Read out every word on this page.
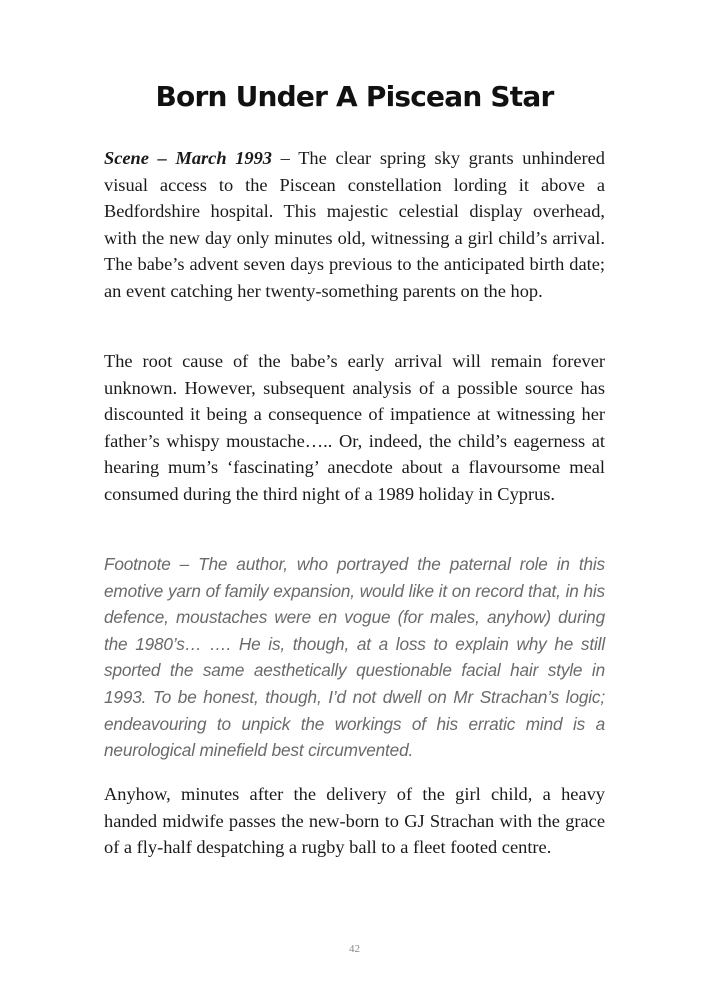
Born Under A Piscean Star

Scene – March 1993 – The clear spring sky grants unhindered visual access to the Piscean constellation lording it above a Bedfordshire hospital. This majestic celestial display overhead, with the new day only minutes old, witnessing a girl child’s arrival. The babe’s advent seven days previous to the anticipated birth date; an event catching her twenty-something parents on the hop.

The root cause of the babe’s early arrival will remain forever unknown. However, subsequent analysis of a possible source has discounted it being a consequence of impatience at witnessing her father’s whispy moustache….. Or, indeed, the child’s eagerness at hearing mum’s ‘fascinating’ anecdote about a flavoursome meal consumed during the third night of a 1989 holiday in Cyprus.

Footnote – The author, who portrayed the paternal role in this emotive yarn of family expansion, would like it on record that, in his defence, moustaches were en vogue (for males, anyhow) during the 1980’s… …. He is, though, at a loss to explain why he still sported the same aesthetically questionable facial hair style in 1993. To be honest, though, I’d not dwell on Mr Strachan’s logic; endeavouring to unpick the workings of his erratic mind is a neurological minefield best circumvented.

Anyhow, minutes after the delivery of the girl child, a heavy handed midwife passes the new-born to GJ Strachan with the grace of a fly-half despatching a rugby ball to a fleet footed centre.

42
